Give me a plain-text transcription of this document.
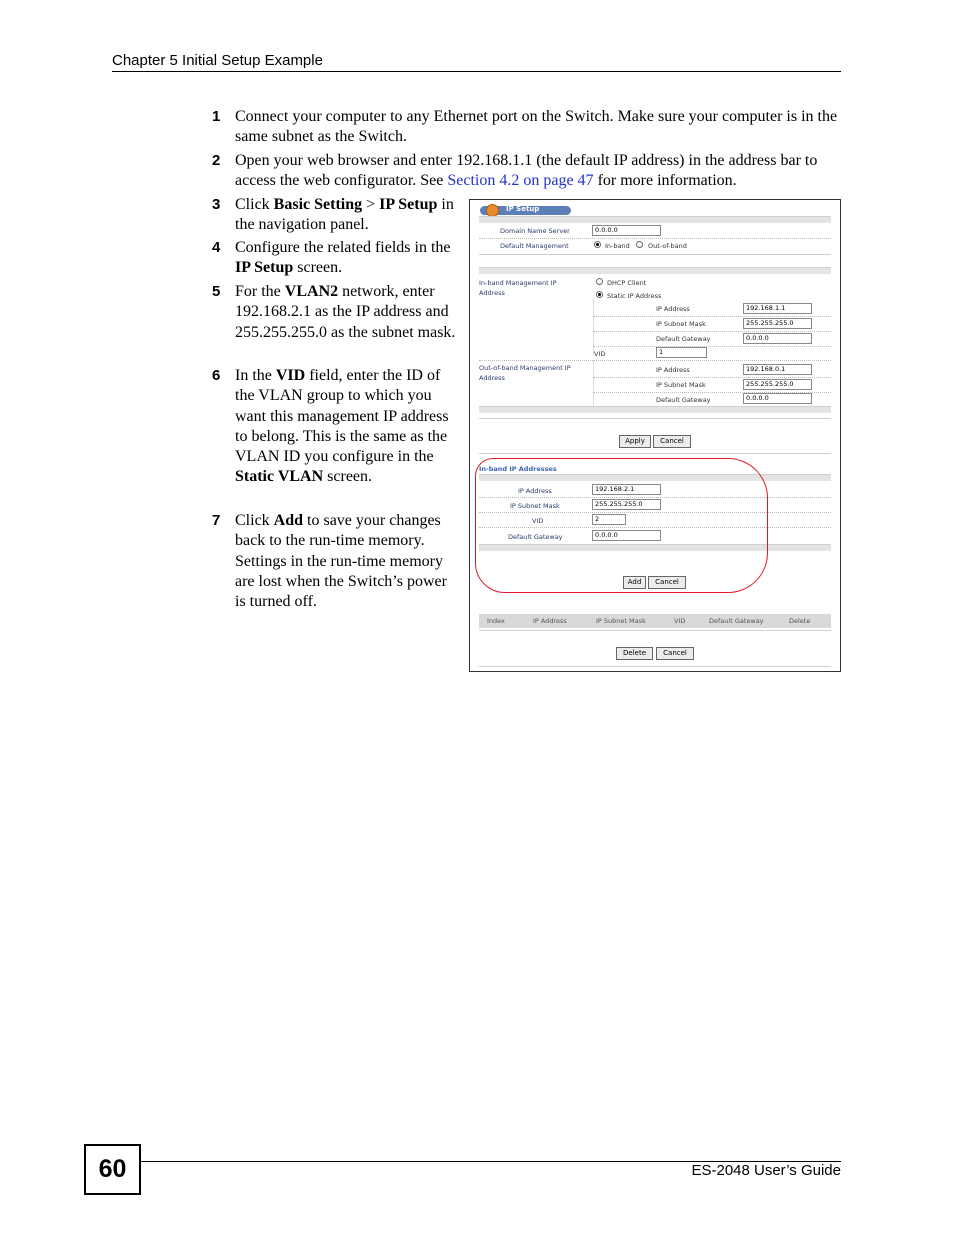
Chapter 5 Initial Setup Example
1 Connect your computer to any Ethernet port on the Switch. Make sure your computer is in the same subnet as the Switch.
2 Open your web browser and enter 192.168.1.1 (the default IP address) in the address bar to access the web configurator. See Section 4.2 on page 47 for more information.
3 Click Basic Setting > IP Setup in the navigation panel.
4 Configure the related fields in the IP Setup screen.
5 For the VLAN2 network, enter 192.168.2.1 as the IP address and 255.255.255.0 as the subnet mask.
6 In the VID field, enter the ID of the VLAN group to which you want this management IP address to belong. This is the same as the VLAN ID you configure in the Static VLAN screen.
7 Click Add to save your changes back to the run-time memory. Settings in the run-time memory are lost when the Switch’s power is turned off.
IP Setup
Domain Name Server	0.0.0.0
Default Management	In-band	Out-of-band
In-band Management IP Address
DHCP Client
Static IP Address
IP Address	192.168.1.1
IP Subnet Mask	255.255.255.0
Default Gateway	0.0.0.0
VID	1
Out-of-band Management IP Address
IP Address	192.168.0.1
IP Subnet Mask	255.255.255.0
Default Gateway	0.0.0.0
Apply	Cancel
In-band IP Addresses
IP Address	192.168.2.1
IP Subnet Mask	255.255.255.0
VID	2
Default Gateway	0.0.0.0
Add	Cancel
Index	IP Address	IP Subnet Mask	VID	Default Gateway	Delete
Delete	Cancel
60	ES-2048 User’s Guide
